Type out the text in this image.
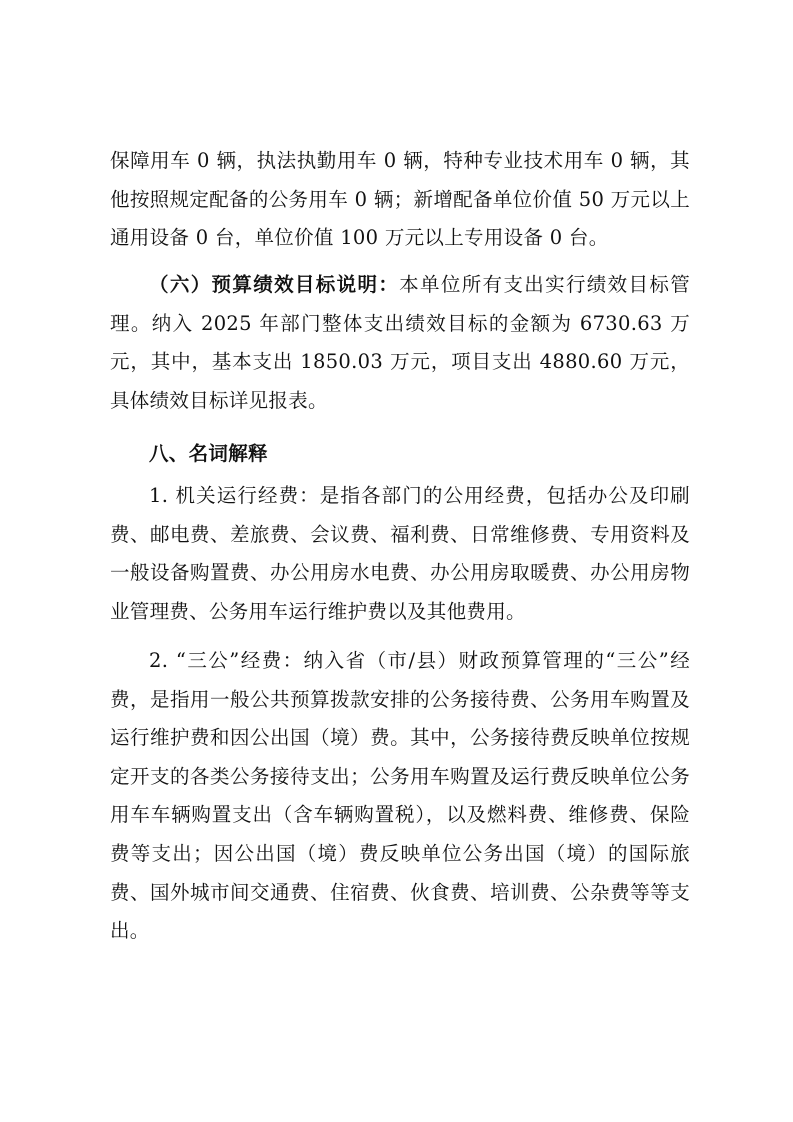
保障用车 0 辆，执法执勤用车 0 辆，特种专业技术用车 0 辆，其他按照规定配备的公务用车 0 辆；新增配备单位价值 50 万元以上通用设备 0 台，单位价值 100 万元以上专用设备 0 台。

（六）预算绩效目标说明：本单位所有支出实行绩效目标管理。纳入 2025 年部门整体支出绩效目标的金额为 6730.63 万元，其中，基本支出 1850.03 万元，项目支出 4880.60 万元，具体绩效目标详见报表。

八、名词解释

1. 机关运行经费：是指各部门的公用经费，包括办公及印刷费、邮电费、差旅费、会议费、福利费、日常维修费、专用资料及一般设备购置费、办公用房水电费、办公用房取暖费、办公用房物业管理费、公务用车运行维护费以及其他费用。

2. “三公”经费：纳入省（市/县）财政预算管理的“三公”经费，是指用一般公共预算拨款安排的公务接待费、公务用车购置及运行维护费和因公出国（境）费。其中，公务接待费反映单位按规定开支的各类公务接待支出；公务用车购置及运行费反映单位公务用车车辆购置支出（含车辆购置税），以及燃料费、维修费、保险费等支出；因公出国（境）费反映单位公务出国（境）的国际旅费、国外城市间交通费、住宿费、伙食费、培训费、公杂费等等支出。
